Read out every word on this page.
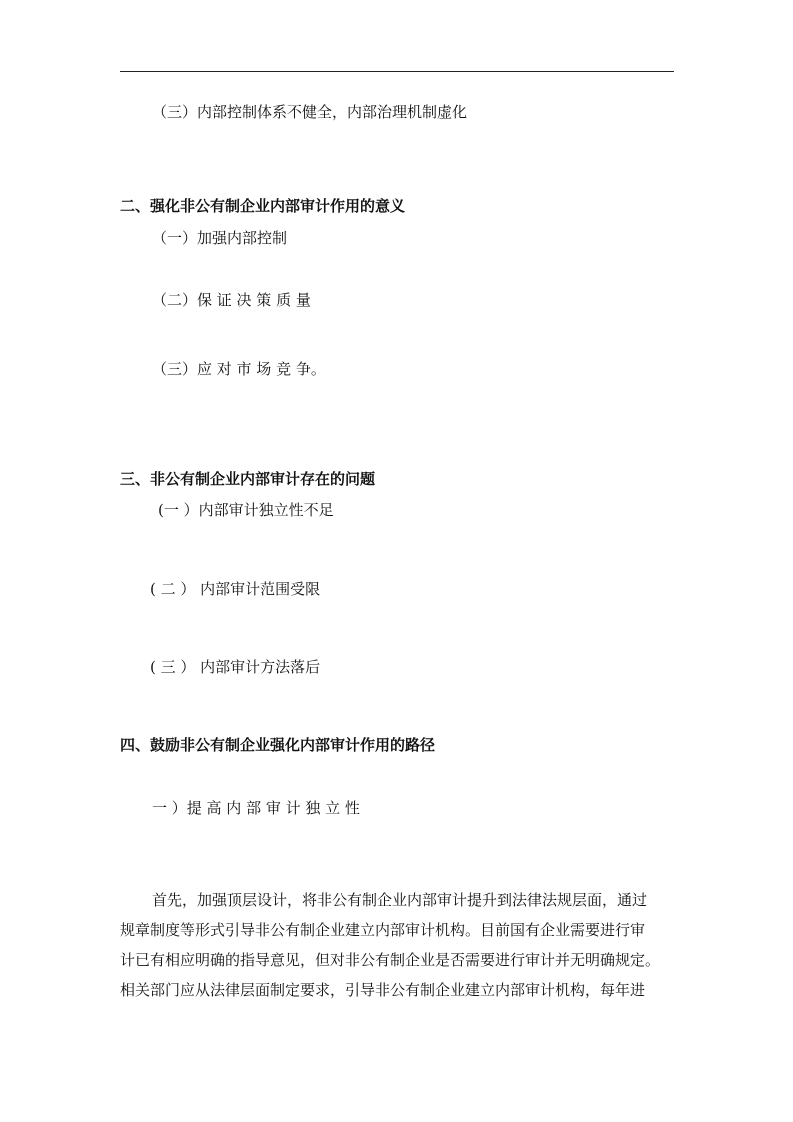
（三）内部控制体系不健全，内部治理机制虚化
二、强化非公有制企业内部审计作用的意义
（一）加强内部控制
（二）保 证 决 策 质 量
（三）应 对 市 场 竞 争。
三、非公有制企业内部审计存在的问题
(一 ）内部审计独立性不足
( 二 ） 内部审计范围受限
( 三 ） 内部审计方法落后
四、鼓励非公有制企业强化内部审计作用的路径
一 ）提 高 内 部 审 计 独 立 性

首先，加强顶层设计，将非公有制企业内部审计提升到法律法规层面，通过

规章制度等形式引导非公有制企业建立内部审计机构。目前国有企业需要进行审

计已有相应明确的指导意见，但对非公有制企业是否需要进行审计并无明确规定。

相关部门应从法律层面制定要求，引导非公有制企业建立内部审计机构，每年进
